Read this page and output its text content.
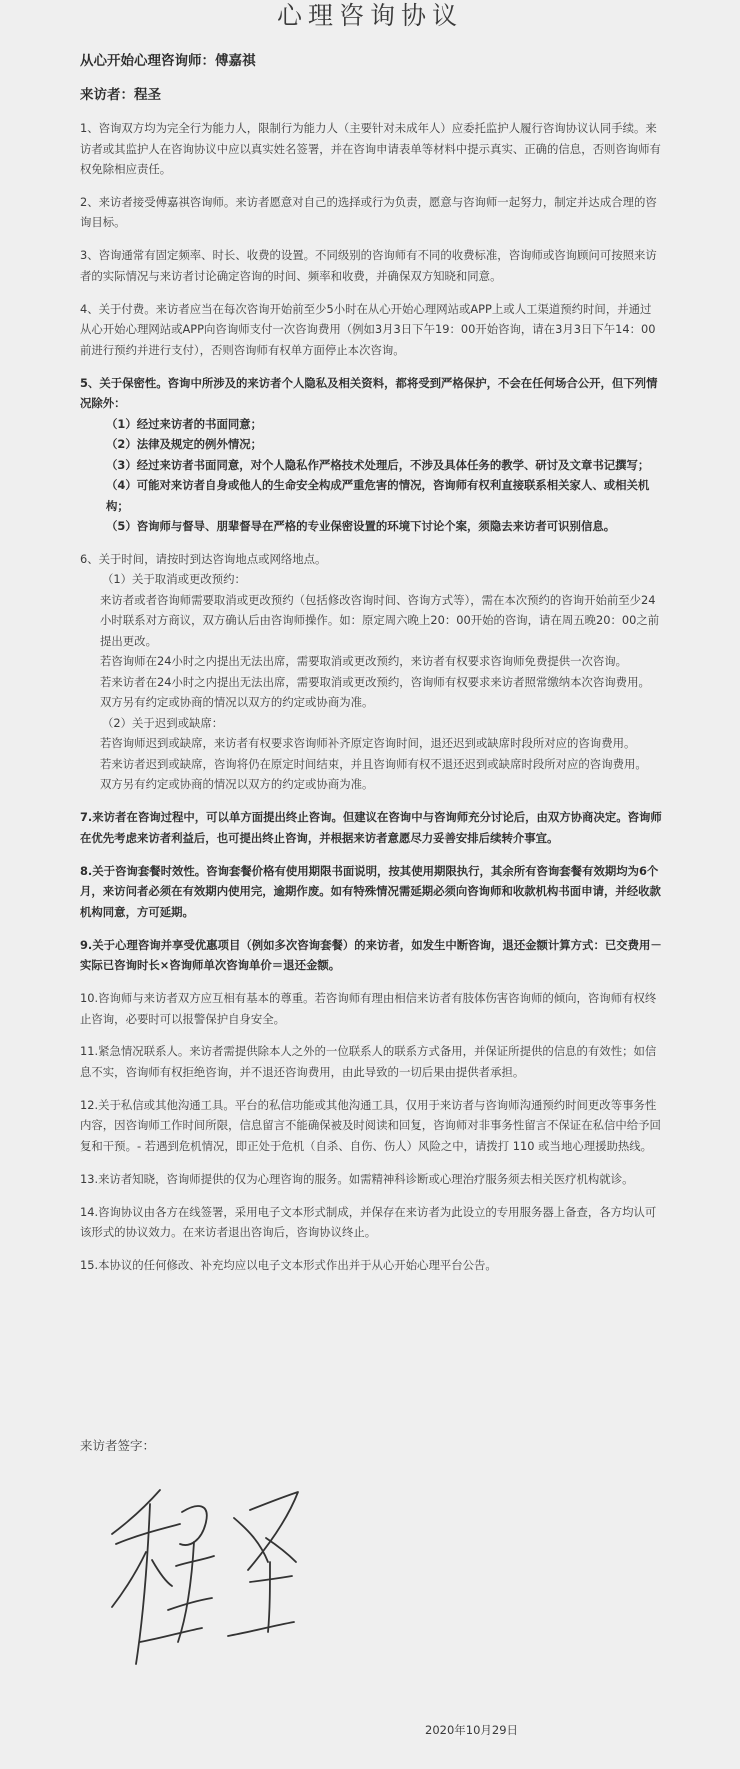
心理咨询协议

从心开始心理咨询师：傅嘉祺

来访者：程圣

1、咨询双方均为完全行为能力人，限制行为能力人（主要针对未成年人）应委托监护人履行咨询协议认同手续。来访者或其监护人在咨询协议中应以真实姓名签署，并在咨询申请表单等材料中提示真实、正确的信息，否则咨询师有权免除相应责任。
2、来访者接受傅嘉祺咨询师。来访者愿意对自己的选择或行为负责，愿意与咨询师一起努力，制定并达成合理的咨询目标。
3、咨询通常有固定频率、时长、收费的设置。不同级别的咨询师有不同的收费标准，咨询师或咨询顾问可按照来访者的实际情况与来访者讨论确定咨询的时间、频率和收费，并确保双方知晓和同意。
4、关于付费。来访者应当在每次咨询开始前至少5小时在从心开始心理网站或APP上或人工渠道预约时间，并通过从心开始心理网站或APP向咨询师支付一次咨询费用（例如3月3日下午19：00开始咨询，请在3月3日下午14：00前进行预约并进行支付），否则咨询师有权单方面停止本次咨询。
5、关于保密性。咨询中所涉及的来访者个人隐私及相关资料，都将受到严格保护，不会在任何场合公开，但下列情况除外：
（1）经过来访者的书面同意；
（2）法律及规定的例外情况；
（3）经过来访者书面同意，对个人隐私作严格技术处理后，不涉及具体任务的教学、研讨及文章书记撰写；
（4）可能对来访者自身或他人的生命安全构成严重危害的情况，咨询师有权利直接联系相关家人、或相关机构；
（5）咨询师与督导、朋辈督导在严格的专业保密设置的环境下讨论个案，须隐去来访者可识别信息。
6、关于时间，请按时到达咨询地点或网络地点。
（1）关于取消或更改预约：
来访者或者咨询师需要取消或更改预约（包括修改咨询时间、咨询方式等），需在本次预约的咨询开始前至少24小时联系对方商议，双方确认后由咨询师操作。如：原定周六晚上20：00开始的咨询，请在周五晚20：00之前提出更改。
若咨询师在24小时之内提出无法出席，需要取消或更改预约，来访者有权要求咨询师免费提供一次咨询。
若来访者在24小时之内提出无法出席，需要取消或更改预约，咨询师有权要求来访者照常缴纳本次咨询费用。
双方另有约定或协商的情况以双方的约定或协商为准。
（2）关于迟到或缺席：
若咨询师迟到或缺席，来访者有权要求咨询师补齐原定咨询时间，退还迟到或缺席时段所对应的咨询费用。
若来访者迟到或缺席，咨询将仍在原定时间结束，并且咨询师有权不退还迟到或缺席时段所对应的咨询费用。
双方另有约定或协商的情况以双方的约定或协商为准。
7.来访者在咨询过程中，可以单方面提出终止咨询。但建议在咨询中与咨询师充分讨论后，由双方协商决定。咨询师在优先考虑来访者利益后，也可提出终止咨询，并根据来访者意愿尽力妥善安排后续转介事宜。
8.关于咨询套餐时效性。咨询套餐价格有使用期限书面说明，按其使用期限执行，其余所有咨询套餐有效期均为6个月，来访问者必须在有效期内使用完，逾期作废。如有特殊情况需延期必须向咨询师和收款机构书面申请，并经收款机构同意，方可延期。
9.关于心理咨询并享受优惠项目（例如多次咨询套餐）的来访者，如发生中断咨询，退还金额计算方式：已交费用－实际已咨询时长×咨询师单次咨询单价＝退还金额。
10.咨询师与来访者双方应互相有基本的尊重。若咨询师有理由相信来访者有肢体伤害咨询师的倾向，咨询师有权终止咨询，必要时可以报警保护自身安全。
11.紧急情况联系人。来访者需提供除本人之外的一位联系人的联系方式备用，并保证所提供的信息的有效性；如信息不实，咨询师有权拒绝咨询，并不退还咨询费用，由此导致的一切后果由提供者承担。
12.关于私信或其他沟通工具。平台的私信功能或其他沟通工具，仅用于来访者与咨询师沟通预约时间更改等事务性内容，因咨询师工作时间所限，信息留言不能确保被及时阅读和回复，咨询师对非事务性留言不保证在私信中给予回复和干预。- 若遇到危机情况，即正处于危机（自杀、自伤、伤人）风险之中，请拨打 110 或当地心理援助热线。
13.来访者知晓，咨询师提供的仅为心理咨询的服务。如需精神科诊断或心理治疗服务须去相关医疗机构就诊。
14.咨询协议由各方在线签署，采用电子文本形式制成，并保存在来访者为此设立的专用服务器上备查，各方均认可该形式的协议效力。在来访者退出咨询后，咨询协议终止。
15.本协议的任何修改、补充均应以电子文本形式作出并于从心开始心理平台公告。

来访者签字：

2020年10月29日
